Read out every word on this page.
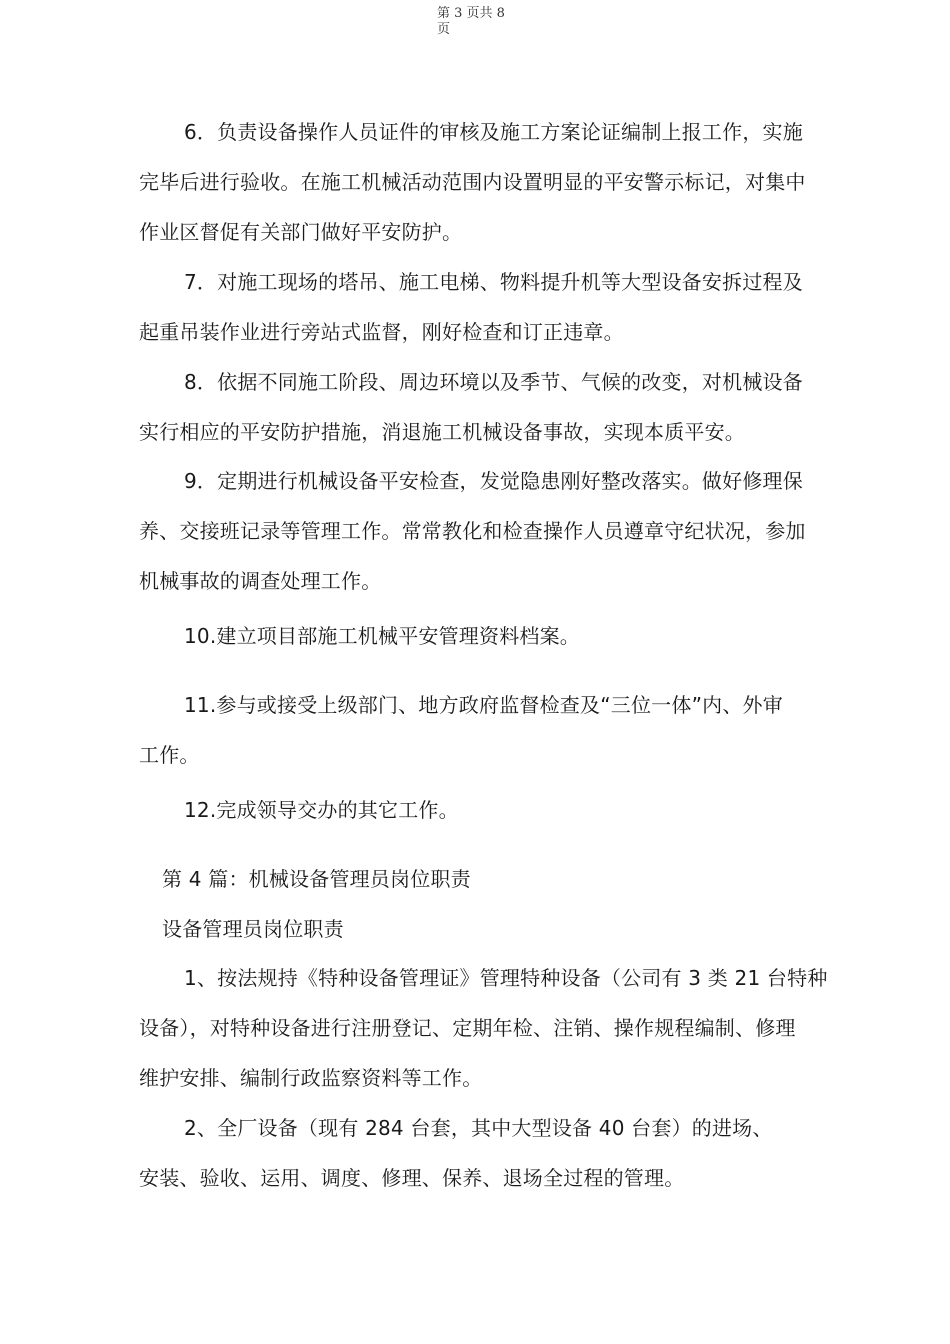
第 3 页共 8 页
6．负责设备操作人员证件的审核及施工方案论证编制上报工作，实施
完毕后进行验收。在施工机械活动范围内设置明显的平安警示标记，对集中
作业区督促有关部门做好平安防护。
7．对施工现场的塔吊、施工电梯、物料提升机等大型设备安拆过程及
起重吊装作业进行旁站式监督，刚好检查和订正违章。
8．依据不同施工阶段、周边环境以及季节、气候的改变，对机械设备
实行相应的平安防护措施，消退施工机械设备事故，实现本质平安。
9．定期进行机械设备平安检查，发觉隐患刚好整改落实。做好修理保
养、交接班记录等管理工作。常常教化和检查操作人员遵章守纪状况，参加
机械事故的调查处理工作。
10.建立项目部施工机械平安管理资料档案。
11.参与或接受上级部门、地方政府监督检查及“三位一体”内、外审
工作。
12.完成领导交办的其它工作。
第 4 篇：机械设备管理员岗位职责
设备管理员岗位职责
1、按法规持《特种设备管理证》管理特种设备（公司有 3 类 21 台特种
设备），对特种设备进行注册登记、定期年检、注销、操作规程编制、修理
维护安排、编制行政监察资料等工作。
2、全厂设备（现有 284 台套，其中大型设备 40 台套）的进场、
安装、验收、运用、调度、修理、保养、退场全过程的管理。
